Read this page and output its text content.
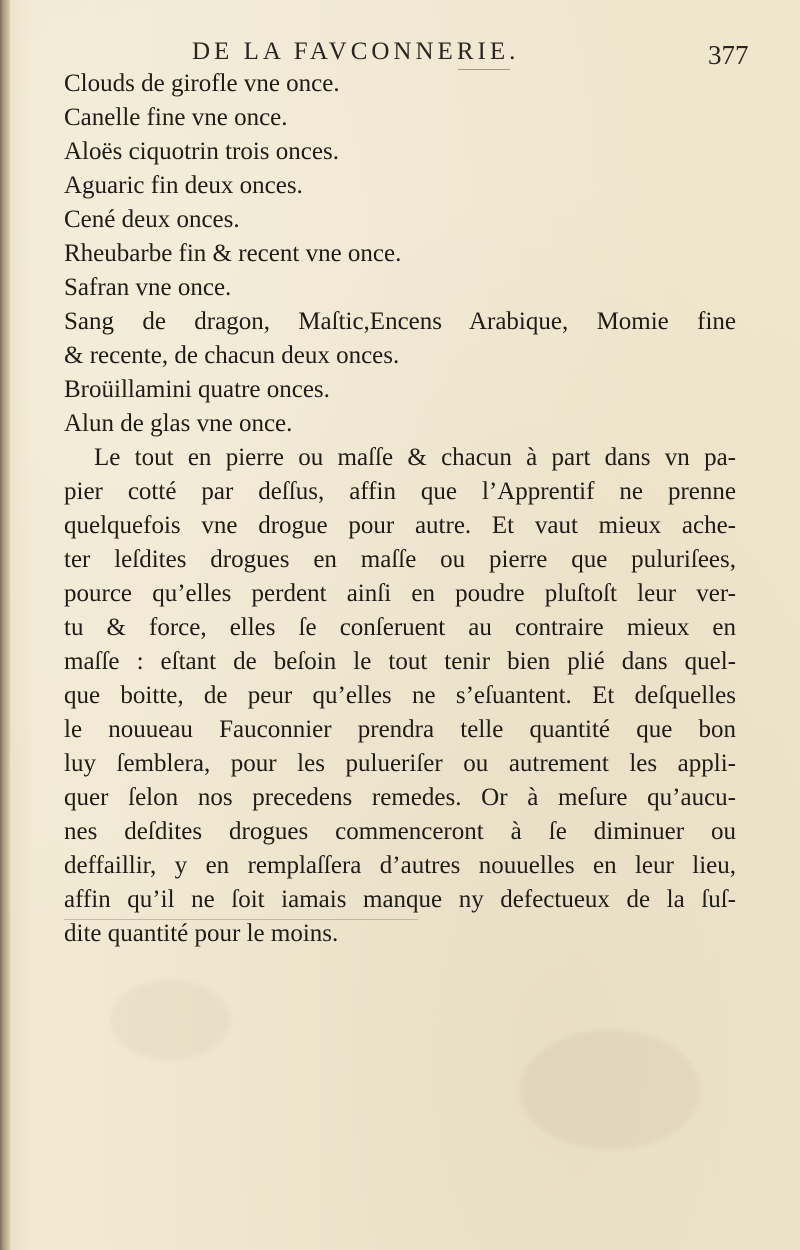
DE LA FAVCONNERIE.	377
Clouds de girofle vne once.
Canelle fine vne once.
Aloës ciquotrin trois onces.
Aguaric fin deux onces.
Cené deux onces.
Rheubarbe fin & recent vne once.
Safran vne once.
Sang de dragon, Maſtic,Encens Arabique, Momie fine
& recente, de chacun deux onces.
Broüillamini quatre onces.
Alun de glas vne once.
Le tout en pierre ou maſſe & chacun à part dans vn pa-
pier cotté par deſſus, affin que l’Apprentif ne prenne
quelquefois vne drogue pour autre. Et vaut mieux ache-
ter leſdites drogues en maſſe ou pierre que puluriſees,
pource qu’elles perdent ainſi en poudre pluſtoſt leur ver-
tu & force, elles ſe conſeruent au contraire mieux en
maſſe : eſtant de beſoin le tout tenir bien plié dans quel-
que boitte, de peur qu’elles ne s’eſuantent. Et deſquelles
le nouueau Fauconnier prendra telle quantité que bon
luy ſemblera, pour les pulueriſer ou autrement les appli-
quer ſelon nos precedens remedes. Or à meſure qu’aucu-
nes deſdites drogues commenceront à ſe diminuer ou
deffaillir, y en remplaſſera d’autres nouuelles en leur lieu,
affin qu’il ne ſoit iamais manque ny defectueux de la ſuſ-
dite quantité pour le moins.
